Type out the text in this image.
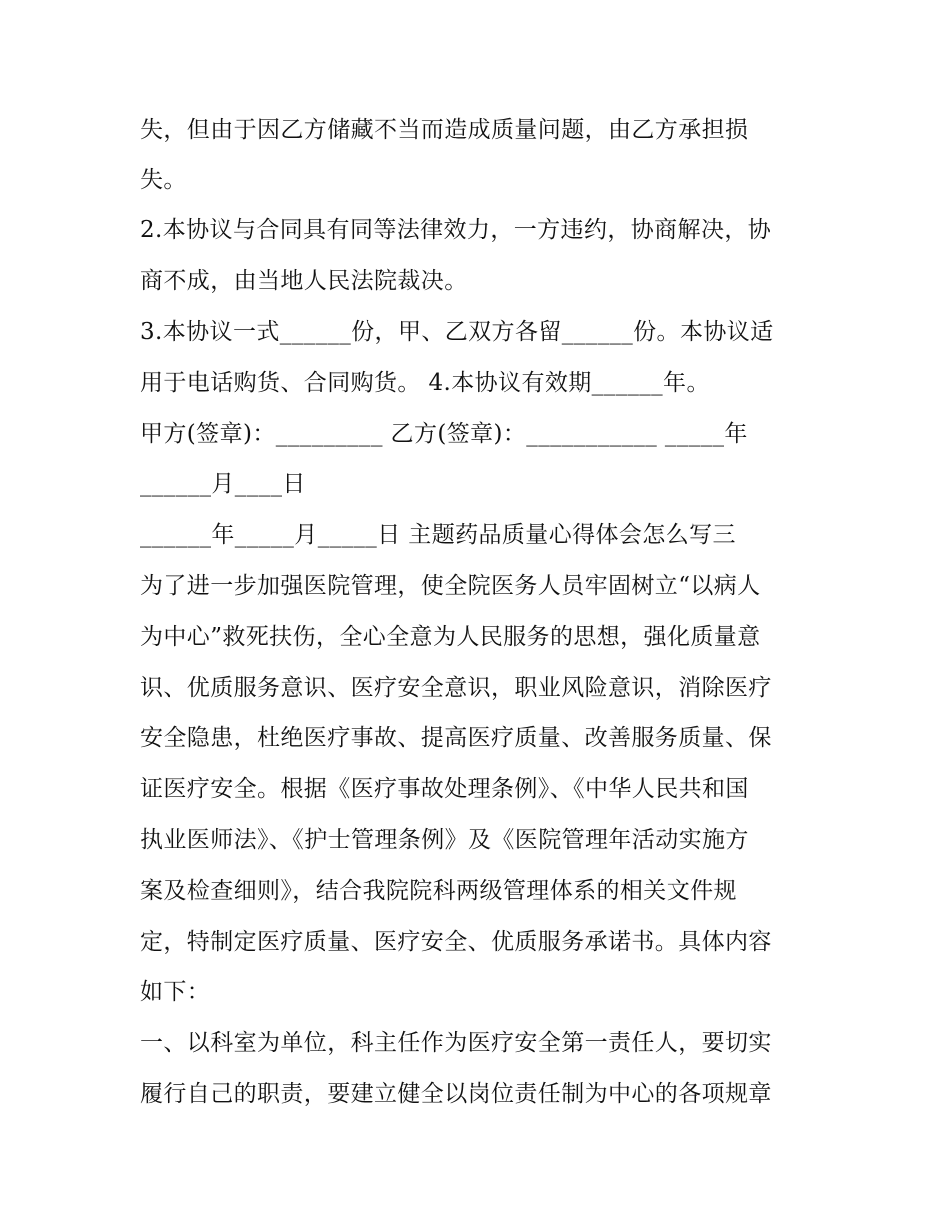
失，但由于因乙方储藏不当而造成质量问题，由乙方承担损
失。
2.本协议与合同具有同等法律效力，一方违约，协商解决，协
商不成，由当地人民法院裁决。
3.本协议一式______份，甲、乙双方各留______份。本协议适
用于电话购货、合同购货。 4.本协议有效期______年。
甲方(签章)：_________ 乙方(签章)：___________ _____年
______月____日
______年_____月_____日 主题药品质量心得体会怎么写三
为了进一步加强医院管理，使全院医务人员牢固树立“以病人
为中心”救死扶伤，全心全意为人民服务的思想，强化质量意
识、优质服务意识、医疗安全意识，职业风险意识，消除医疗
安全隐患，杜绝医疗事故、提高医疗质量、改善服务质量、保
证医疗安全。根据《医疗事故处理条例》、《中华人民共和国
执业医师法》、《护士管理条例》及《医院管理年活动实施方
案及检查细则》，结合我院院科两级管理体系的相关文件规
定，特制定医疗质量、医疗安全、优质服务承诺书。具体内容
如下：
一、以科室为单位，科主任作为医疗安全第一责任人，要切实
履行自己的职责，要建立健全以岗位责任制为中心的各项规章
